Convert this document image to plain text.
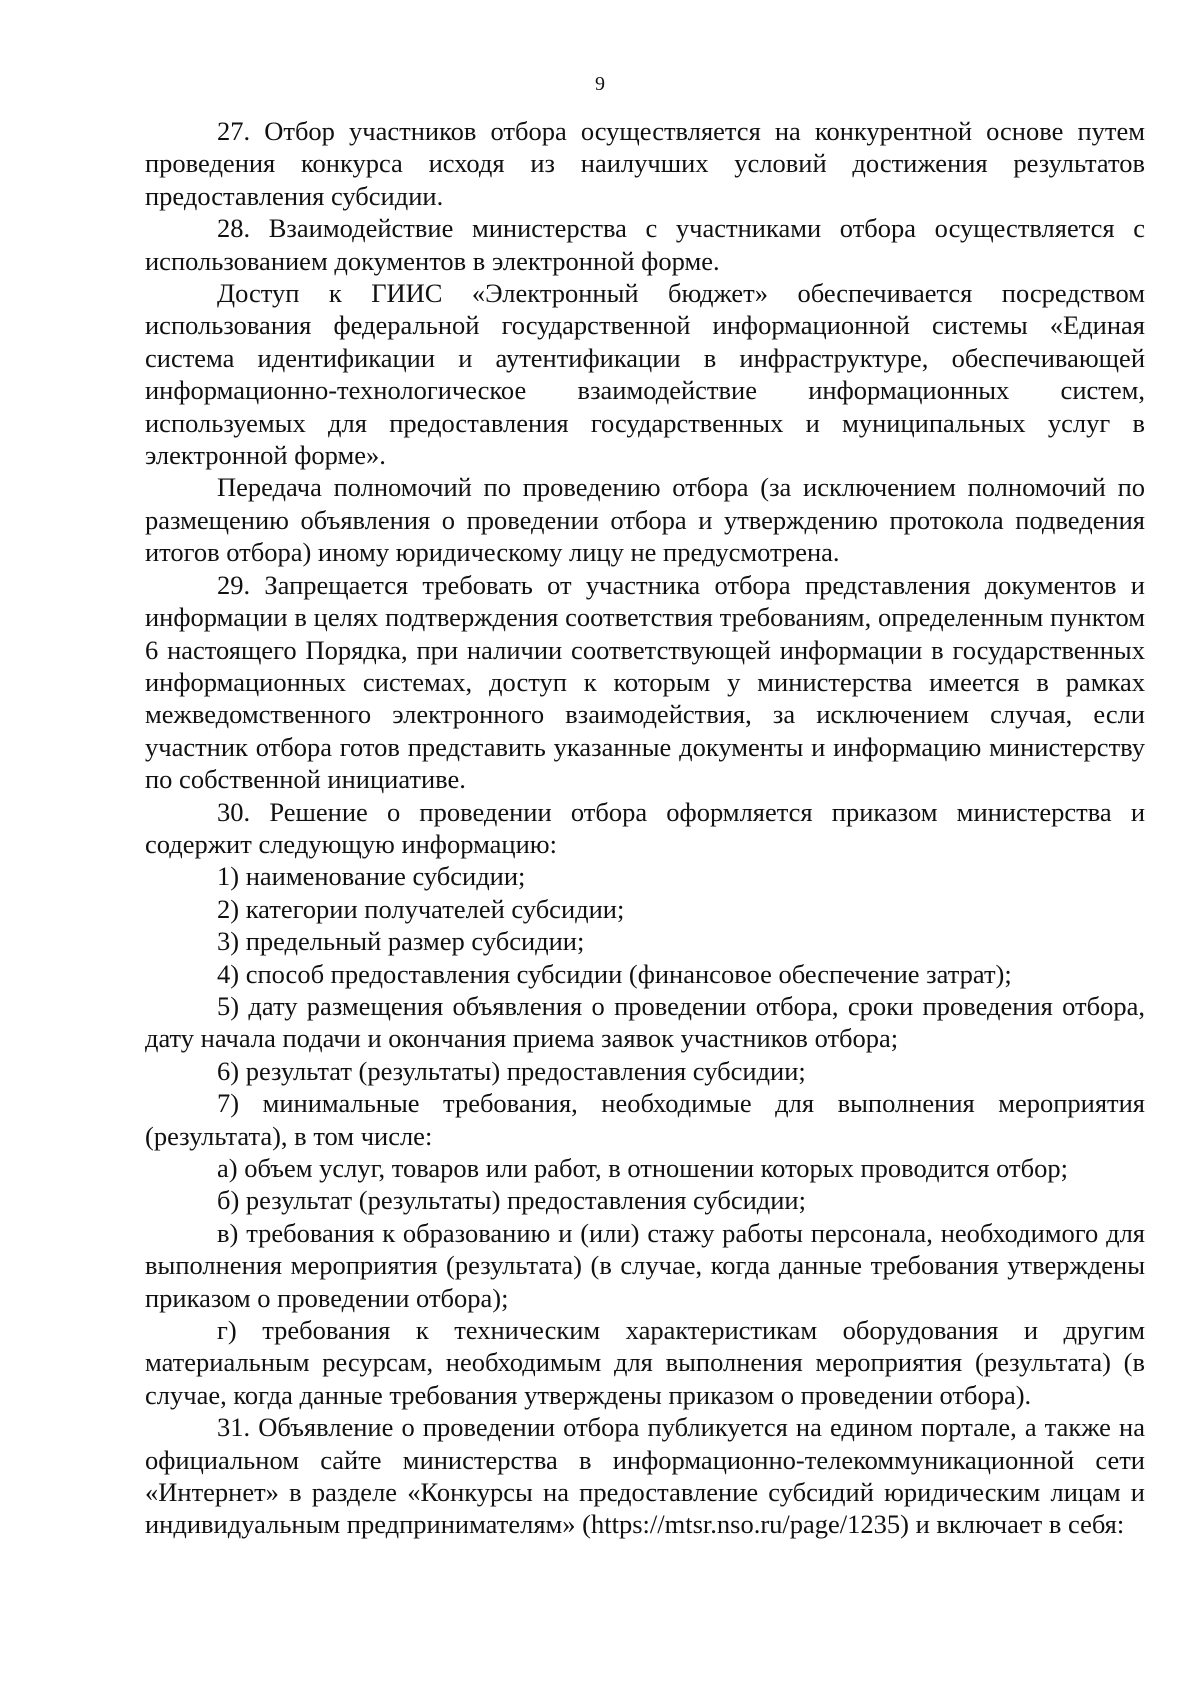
9

27. Отбор участников отбора осуществляется на конкурентной основе путем проведения конкурса исходя из наилучших условий достижения результатов предоставления субсидии.

28. Взаимодействие министерства с участниками отбора осуществляется с использованием документов в электронной форме.

Доступ к ГИИС «Электронный бюджет» обеспечивается посредством использования федеральной государственной информационной системы «Единая система идентификации и аутентификации в инфраструктуре, обеспечивающей информационно-технологическое взаимодействие информационных систем, используемых для предоставления государственных и муниципальных услуг в электронной форме».

Передача полномочий по проведению отбора (за исключением полномочий по размещению объявления о проведении отбора и утверждению протокола подведения итогов отбора) иному юридическому лицу не предусмотрена.

29. Запрещается требовать от участника отбора представления документов и информации в целях подтверждения соответствия требованиям, определенным пунктом 6 настоящего Порядка, при наличии соответствующей информации в государственных информационных системах, доступ к которым у министерства имеется в рамках межведомственного электронного взаимодействия, за исключением случая, если участник отбора готов представить указанные документы и информацию министерству по собственной инициативе.

30. Решение о проведении отбора оформляется приказом министерства и содержит следующую информацию:

1) наименование субсидии;

2) категории получателей субсидии;

3) предельный размер субсидии;

4) способ предоставления субсидии (финансовое обеспечение затрат);

5) дату размещения объявления о проведении отбора, сроки проведения отбора, дату начала подачи и окончания приема заявок участников отбора;

6) результат (результаты) предоставления субсидии;

7) минимальные требования, необходимые для выполнения мероприятия (результата), в том числе:

а) объем услуг, товаров или работ, в отношении которых проводится отбор;

б) результат (результаты) предоставления субсидии;

в) требования к образованию и (или) стажу работы персонала, необходимого для выполнения мероприятия (результата) (в случае, когда данные требования утверждены приказом о проведении отбора);

г) требования к техническим характеристикам оборудования и другим материальным ресурсам, необходимым для выполнения мероприятия (результата) (в случае, когда данные требования утверждены приказом о проведении отбора).

31. Объявление о проведении отбора публикуется на едином портале, а также на официальном сайте министерства в информационно-телекоммуникационной сети «Интернет» в разделе «Конкурсы на предоставление субсидий юридическим лицам и индивидуальным предпринимателям» (https://mtsr.nso.ru/page/1235) и включает в себя:
